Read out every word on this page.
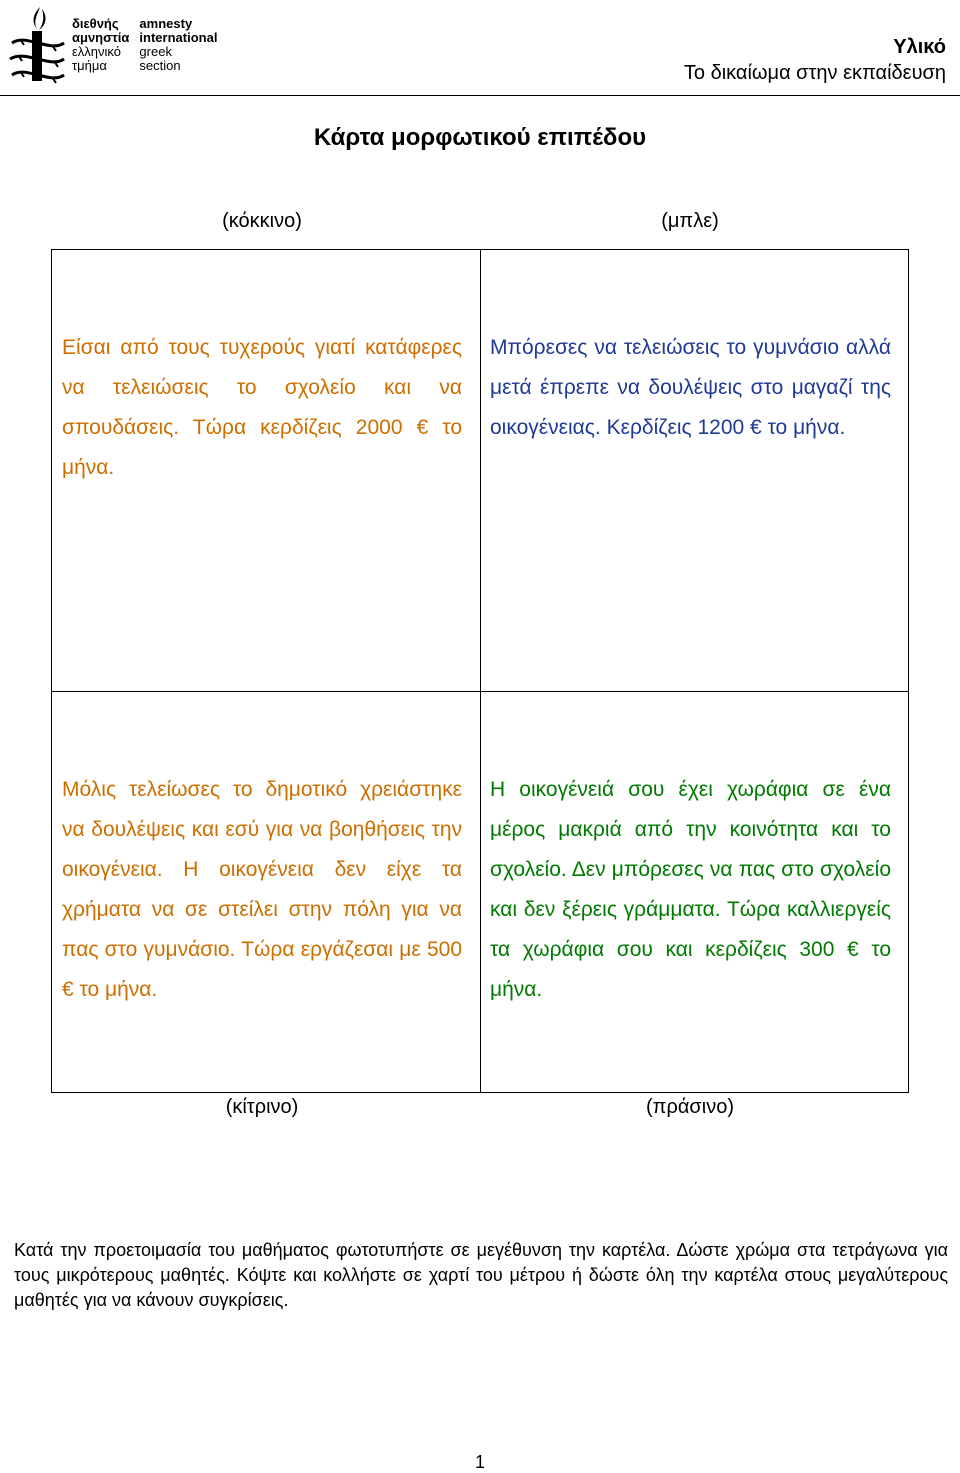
διεθνής
αμνηστία
ελληνικό
τμήμα
amnesty
international
greek
section
Υλικό
Το δικαίωμα στην εκπαίδευση
Κάρτα μορφωτικού επιπέδου
(κόκκινο)	(μπλε)

Είσαι από τους τυχερούς γιατί κατάφερες να τελειώσεις το σχολείο και να σπουδάσεις. Τώρα κερδίζεις 2000 € το μήνα.

Μπόρεσες να τελειώσεις το γυμνάσιο αλλά μετά έπρεπε να δουλέψεις στο μαγαζί της οικογένειας. Κερδίζεις 1200 € το μήνα.

Μόλις τελείωσες το δημοτικό χρειάστηκε να δουλέψεις και εσύ για να βοηθήσεις την οικογένεια. Η οικογένεια δεν είχε τα χρήματα να σε στείλει στην πόλη για να πας στο γυμνάσιο. Τώρα εργάζεσαι με 500 € το μήνα.

Η οικογένειά σου έχει χωράφια σε ένα μέρος μακριά από την κοινότητα και το σχολείο. Δεν μπόρεσες να πας στο σχολείο και δεν ξέρεις γράμματα. Τώρα καλλιεργείς τα χωράφια σου και κερδίζεις 300 € το μήνα.

(κίτρινο)	(πράσινο)
Κατά την προετοιμασία του μαθήματος φωτοτυπήστε σε μεγέθυνση την καρτέλα. Δώστε χρώμα στα τετράγωνα για τους μικρότερους μαθητές. Κόψτε και κολλήστε σε χαρτί του μέτρου ή δώστε όλη την καρτέλα στους μεγαλύτερους μαθητές για να κάνουν συγκρίσεις.
1
